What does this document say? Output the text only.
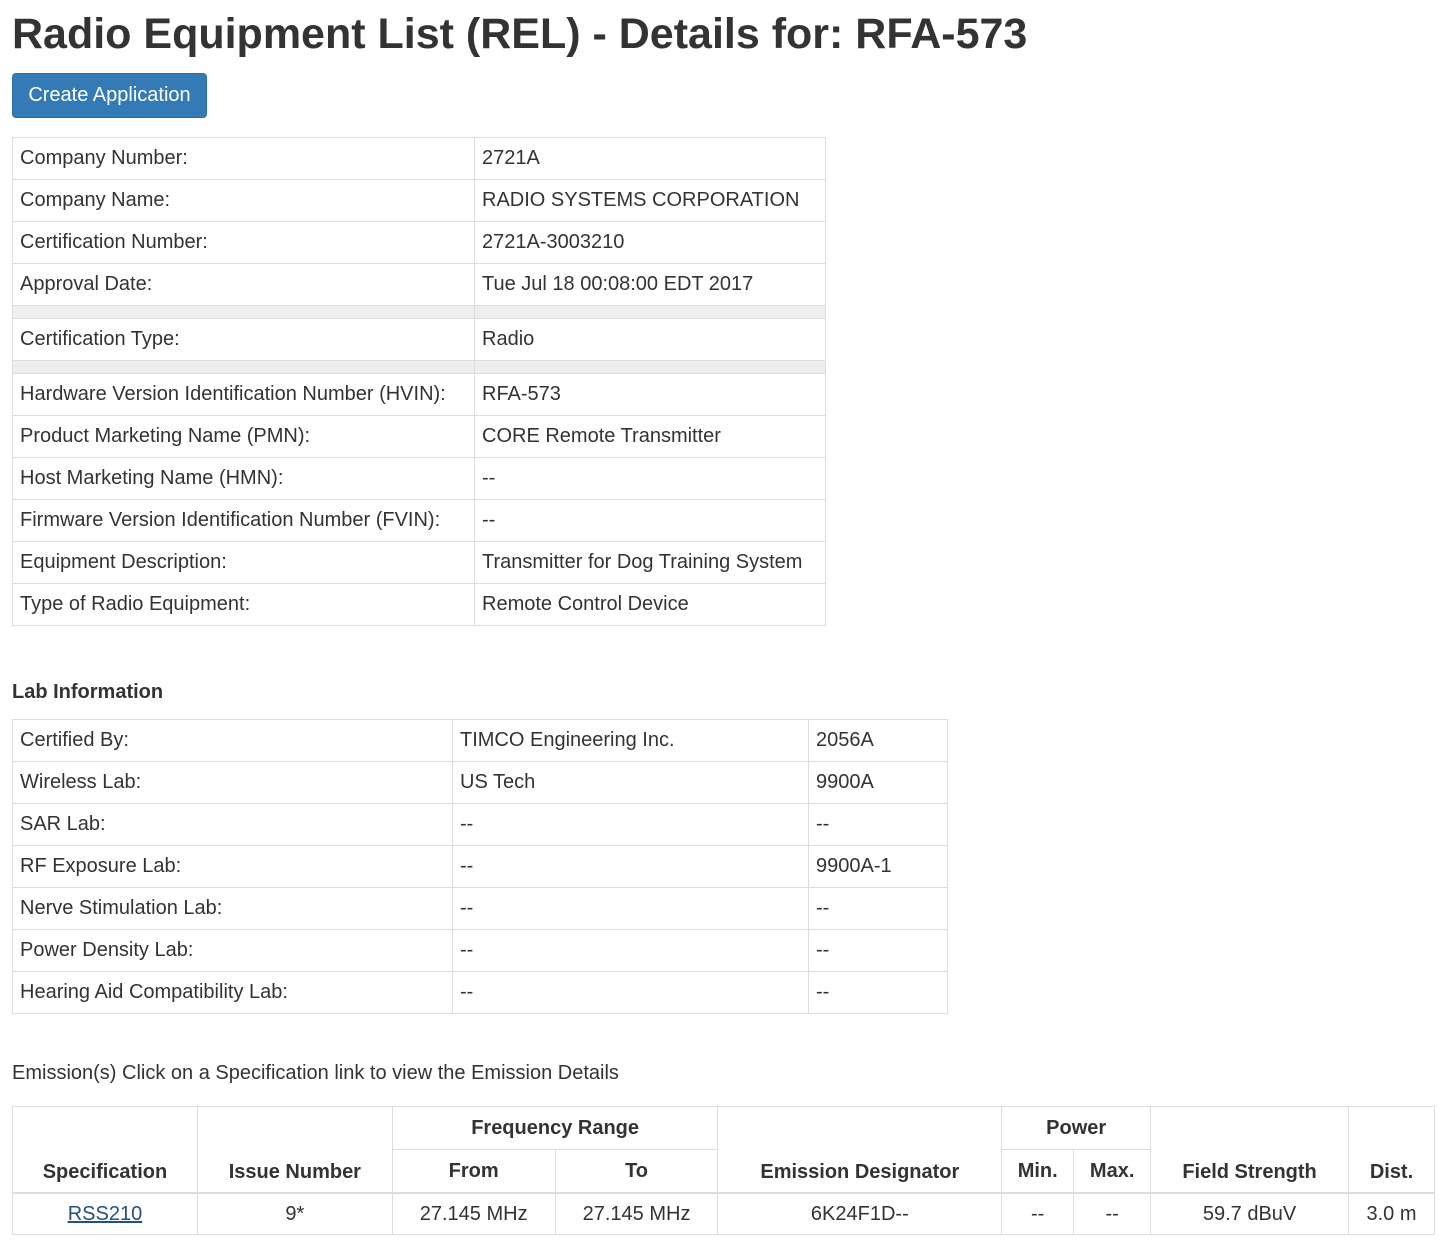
Radio Equipment List (REL) - Details for: RFA-573
Create Application
Company Number:	2721A
Company Name:	RADIO SYSTEMS CORPORATION
Certification Number:	2721A-3003210
Approval Date:	Tue Jul 18 00:08:00 EDT 2017

Certification Type:	Radio

Hardware Version Identification Number (HVIN):	RFA-573
Product Marketing Name (PMN):	CORE Remote Transmitter
Host Marketing Name (HMN):	--
Firmware Version Identification Number (FVIN):	--
Equipment Description:	Transmitter for Dog Training System
Type of Radio Equipment:	Remote Control Device
Lab Information
Certified By:	TIMCO Engineering Inc.	2056A
Wireless Lab:	US Tech	9900A
SAR Lab:	--	--
RF Exposure Lab:	--	9900A-1
Nerve Stimulation Lab:	--	--
Power Density Lab:	--	--
Hearing Aid Compatibility Lab:	--	--
Emission(s) Click on a Specification link to view the Emission Details
Specification	Issue Number	Frequency Range		Emission Designator	Power		Field Strength	Dist.
		From	To		Min.	Max.		
RSS210	9*	27.145 MHz	27.145 MHz	6K24F1D--	--	--	59.7 dBuV	3.0 m
